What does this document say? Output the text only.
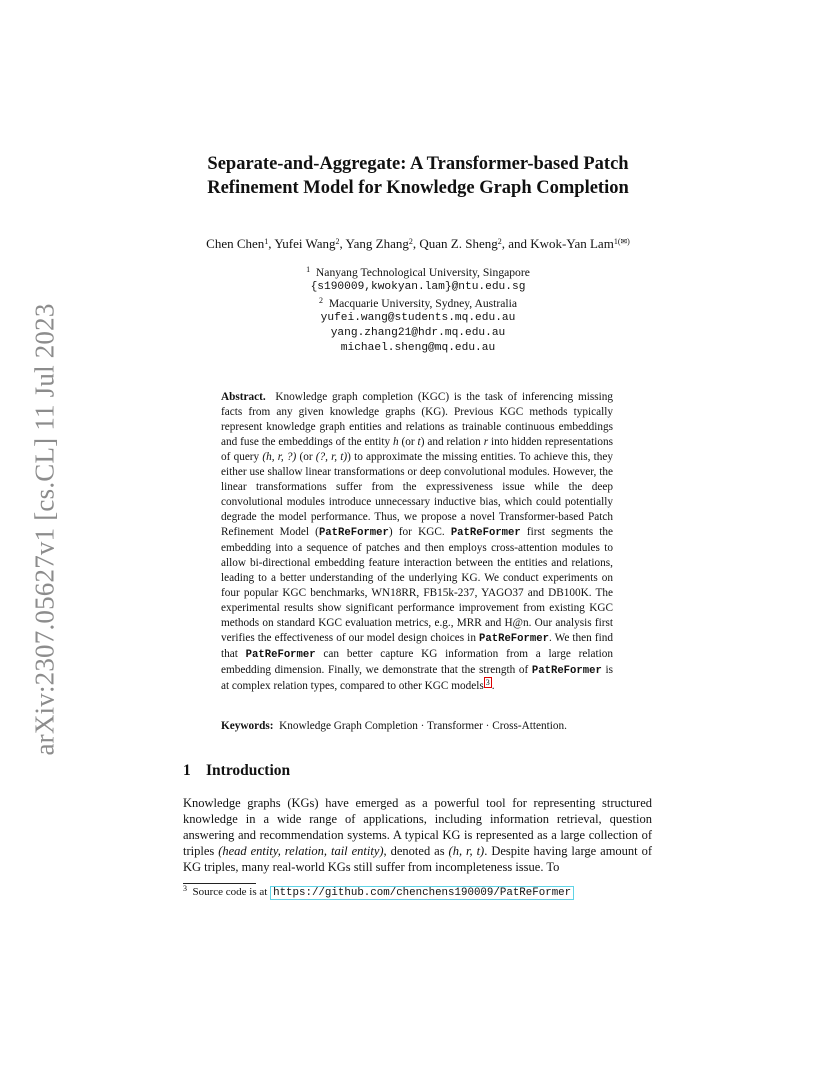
arXiv:2307.05627v1 [cs.CL] 11 Jul 2023
Separate-and-Aggregate: A Transformer-based Patch
Refinement Model for Knowledge Graph Completion
Chen Chen$^1$, Yufei Wang$^2$, Yang Zhang$^2$, Quan Z. Sheng$^2$, and Kwok-Yan Lam$^{1(✉)}$
$^1$ Nanyang Technological University, Singapore
{s190009,kwokyan.lam}@ntu.edu.sg
$^2$ Macquarie University, Sydney, Australia
yufei.wang@students.mq.edu.au
yang.zhang21@hdr.mq.edu.au
michael.sheng@mq.edu.au

Abstract. Knowledge graph completion (KGC) is the task of inferencing missing facts from any given knowledge graphs (KG). Previous KGC methods typically represent knowledge graph entities and relations as trainable continuous embeddings and fuse the embeddings of the entity h (or t) and relation r into hidden representations of query (h, r, ?) (or (?, r, t)) to approximate the missing entities. To achieve this, they either use shallow linear transformations or deep convolutional modules. However, the linear transformations suffer from the expressiveness issue while the deep convolutional modules introduce unnecessary inductive bias, which could potentially degrade the model performance. Thus, we propose a novel Transformer-based Patch Refinement Model (PatReFormer) for KGC. PatReFormer first segments the embedding into a sequence of patches and then employs cross-attention modules to allow bi-directional embedding feature interaction between the entities and relations, leading to a better understanding of the underlying KG. We conduct experiments on four popular KGC benchmarks, WN18RR, FB15k-237, YAGO37 and DB100K. The experimental results show significant performance improvement from existing KGC methods on standard KGC evaluation metrics, e.g., MRR and H@n. Our analysis first verifies the effectiveness of our model design choices in PatReFormer. We then find that PatReFormer can better capture KG information from a large relation embedding dimension. Finally, we demonstrate that the strength of PatReFormer is at complex relation types, compared to other KGC models $^3$ .

Keywords: Knowledge Graph Completion · Transformer · Cross-Attention.
1 Introduction

Knowledge graphs (KGs) have emerged as a powerful tool for representing structured knowledge in a wide range of applications, including information retrieval, question answering and recommendation systems. A typical KG is represented as a large collection of triples (head entity, relation, tail entity), denoted as (h, r, t). Despite having large amount of KG triples, many real-world KGs still suffer from incompleteness issue. To

$^3$ Source code is at https://github.com/chenchens190009/PatReFormer
